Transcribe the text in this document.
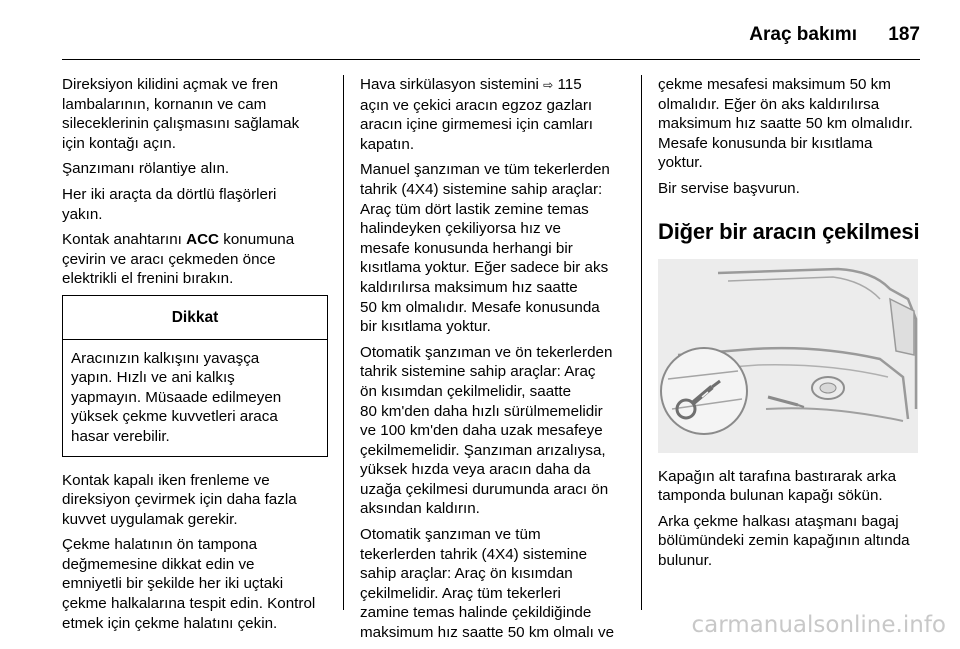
Araç bakımı 187

Direksiyon kilidini açmak ve fren
lambalarının, kornanın ve cam
sileceklerinin çalışmasını sağlamak
için kontağı açın.

Şanzımanı rölantiye alın.

Her iki araçta da dörtlü flaşörleri
yakın.

Kontak anahtarını ACC konumuna
çevirin ve aracı çekmeden önce
elektrikli el frenini bırakın.

Dikkat
Aracınızın kalkışını yavaşça
yapın. Hızlı ve ani kalkış
yapmayın. Müsaade edilmeyen
yüksek çekme kuvvetleri araca
hasar verebilir.

Kontak kapalı iken frenleme ve
direksiyon çevirmek için daha fazla
kuvvet uygulamak gerekir.

Çekme halatının ön tampona
değmemesine dikkat edin ve
emniyetli bir şekilde her iki uçtaki
çekme halkalarına tespit edin. Kontrol
etmek için çekme halatını çekin.

Hava sirkülasyon sistemini ⇨ 115
açın ve çekici aracın egzoz gazları
aracın içine girmemesi için camları
kapatın.

Manuel şanzıman ve tüm tekerlerden
tahrik (4X4) sistemine sahip araçlar:
Araç tüm dört lastik zemine temas
halindeyken çekiliyorsa hız ve
mesafe konusunda herhangi bir
kısıtlama yoktur. Eğer sadece bir aks
kaldırılırsa maksimum hız saatte
50 km olmalıdır. Mesafe konusunda
bir kısıtlama yoktur.

Otomatik şanzıman ve ön tekerlerden
tahrik sistemine sahip araçlar: Araç
ön kısımdan çekilmelidir, saatte
80 km'den daha hızlı sürülmemelidir
ve 100 km'den daha uzak mesafeye
çekilmemelidir. Şanzıman arızalıysa,
yüksek hızda veya aracın daha da
uzağa çekilmesi durumunda aracı ön
aksından kaldırın.

Otomatik şanzıman ve tüm
tekerlerden tahrik (4X4) sistemine
sahip araçlar: Araç ön kısımdan
çekilmelidir. Araç tüm tekerleri
zamine temas halinde çekildiğinde
maksimum hız saatte 50 km olmalı ve

çekme mesafesi maksimum 50 km
olmalıdır. Eğer ön aks kaldırılırsa
maksimum hız saatte 50 km olmalıdır.
Mesafe konusunda bir kısıtlama
yoktur.

Bir servise başvurun.

Diğer bir aracın çekilmesi

Kapağın alt tarafına bastırarak arka
tamponda bulunan kapağı sökün.

Arka çekme halkası ataşmanı bagaj
bölümündeki zemin kapağının altında
bulunur.

carmanualsonline.info
